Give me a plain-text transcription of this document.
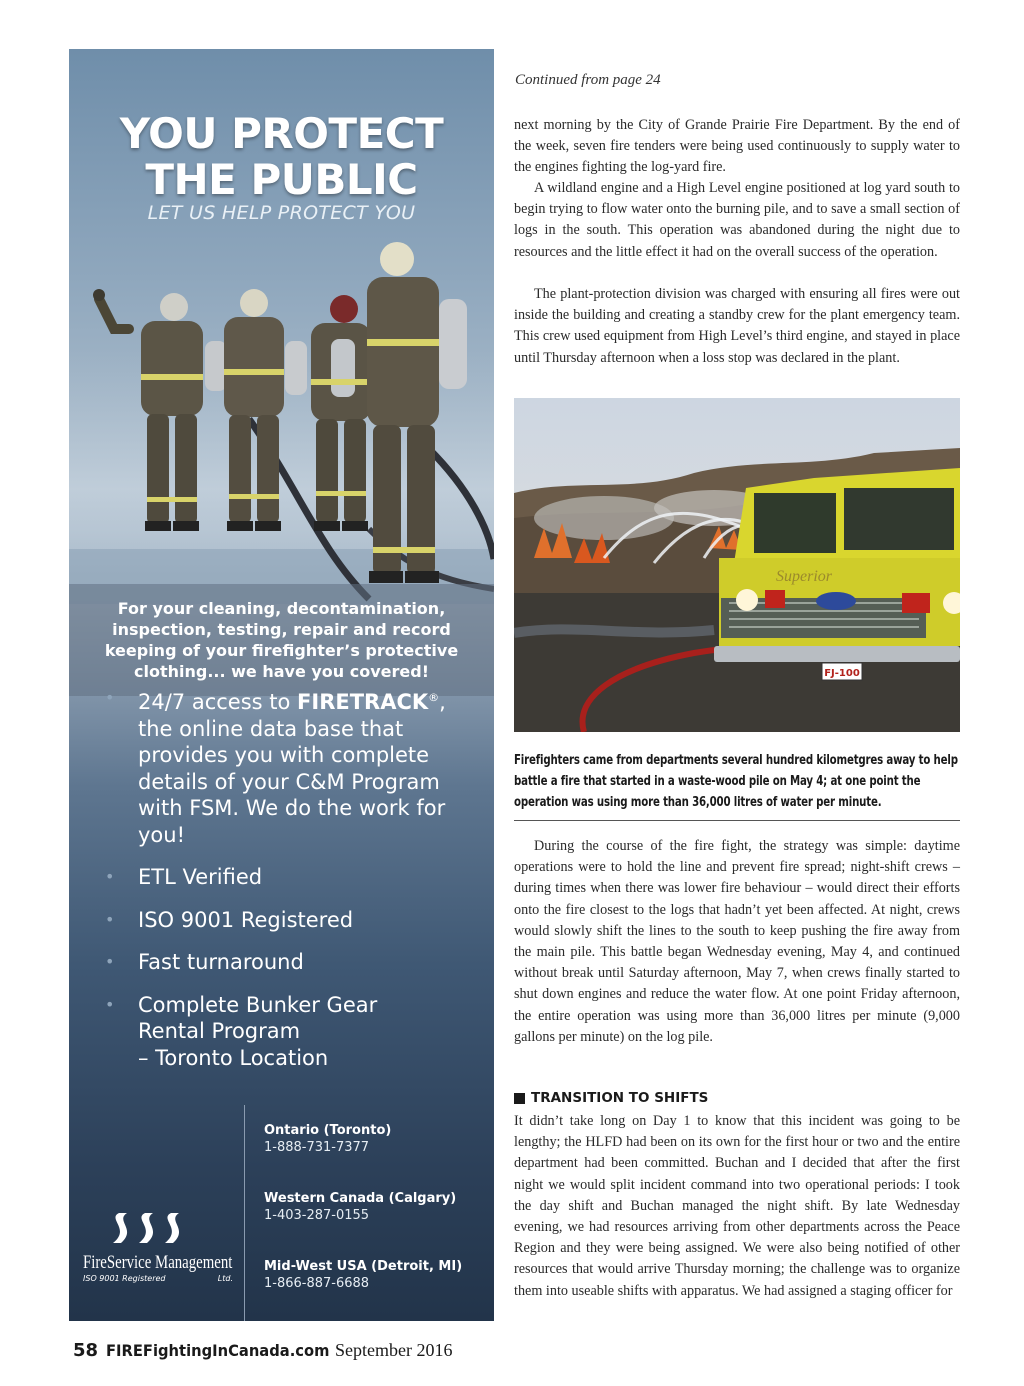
YOU PROTECT
THE PUBLIC
LET US HELP PROTECT YOU
For your cleaning, decontamination, inspection, testing, repair and record keeping of your firefighter’s protective clothing... we have you covered!
• 24/7 access to FIRETRACK®, the online data base that provides you with complete details of your C&M Program with FSM. We do the work for you!
• ETL Verified
• ISO 9001 Registered
• Fast turnaround
• Complete Bunker Gear
Rental Program
– Toronto Location
FireService Management
ISO 9001 Registered	Ltd.
Ontario (Toronto)
1-888-731-7377
Western Canada (Calgary)
1-403-287-0155
Mid-West USA (Detroit, MI)
1-866-887-6688
Continued from page 24

next morning by the City of Grande Prairie Fire Department. By the end of the week, seven fire tenders were being used continuously to supply water to the engines fighting the log-yard fire.

A wildland engine and a High Level engine positioned at log yard south to begin trying to flow water onto the burning pile, and to save a small section of logs in the south. This operation was abandoned during the night due to resources and the little effect it had on the overall success of the operation.

The plant-protection division was charged with ensuring all fires were out inside the building and creating a standby crew for the plant emergency team. This crew used equipment from High Level’s third engine, and stayed in place until Thursday afternoon when a loss stop was declared in the plant.

Superior
FJ-100
Firefighters came from departments several hundred kilometgres away to help battle a fire that started in a waste-wood pile on May 4; at one point the operation was using more than 36,000 litres of water per minute.

During the course of the fire fight, the strategy was simple: daytime operations were to hold the line and prevent fire spread; night-shift crews – during times when there was lower fire behaviour – would direct their efforts onto the fire closest to the logs that hadn’t yet been affected. At night, crews would slowly shift the lines to the south to keep pushing the fire away from the main pile. This battle began Wednesday evening, May 4, and continued without break until Saturday afternoon, May 7, when crews finally started to shut down engines and reduce the water flow. At one point Friday afternoon, the entire operation was using more than 36,000 litres per minute (9,000 gallons per minute) on the log pile.

TRANSITION TO SHIFTS

It didn’t take long on Day 1 to know that this incident was going to be lengthy; the HLFD had been on its own for the first hour or two and the entire department had been committed. Buchan and I decided that after the first night we would split incident command into two operational periods: I took the day shift and Buchan managed the night shift. By late Wednesday evening, we had resources arriving from other departments across the Peace Region and they were being assigned. We were also being notified of other resources that would arrive Thursday morning; the challenge was to organize them into useable shifts with apparatus. We had assigned a staging officer for

58 FIREFightingInCanada.com September 2016
